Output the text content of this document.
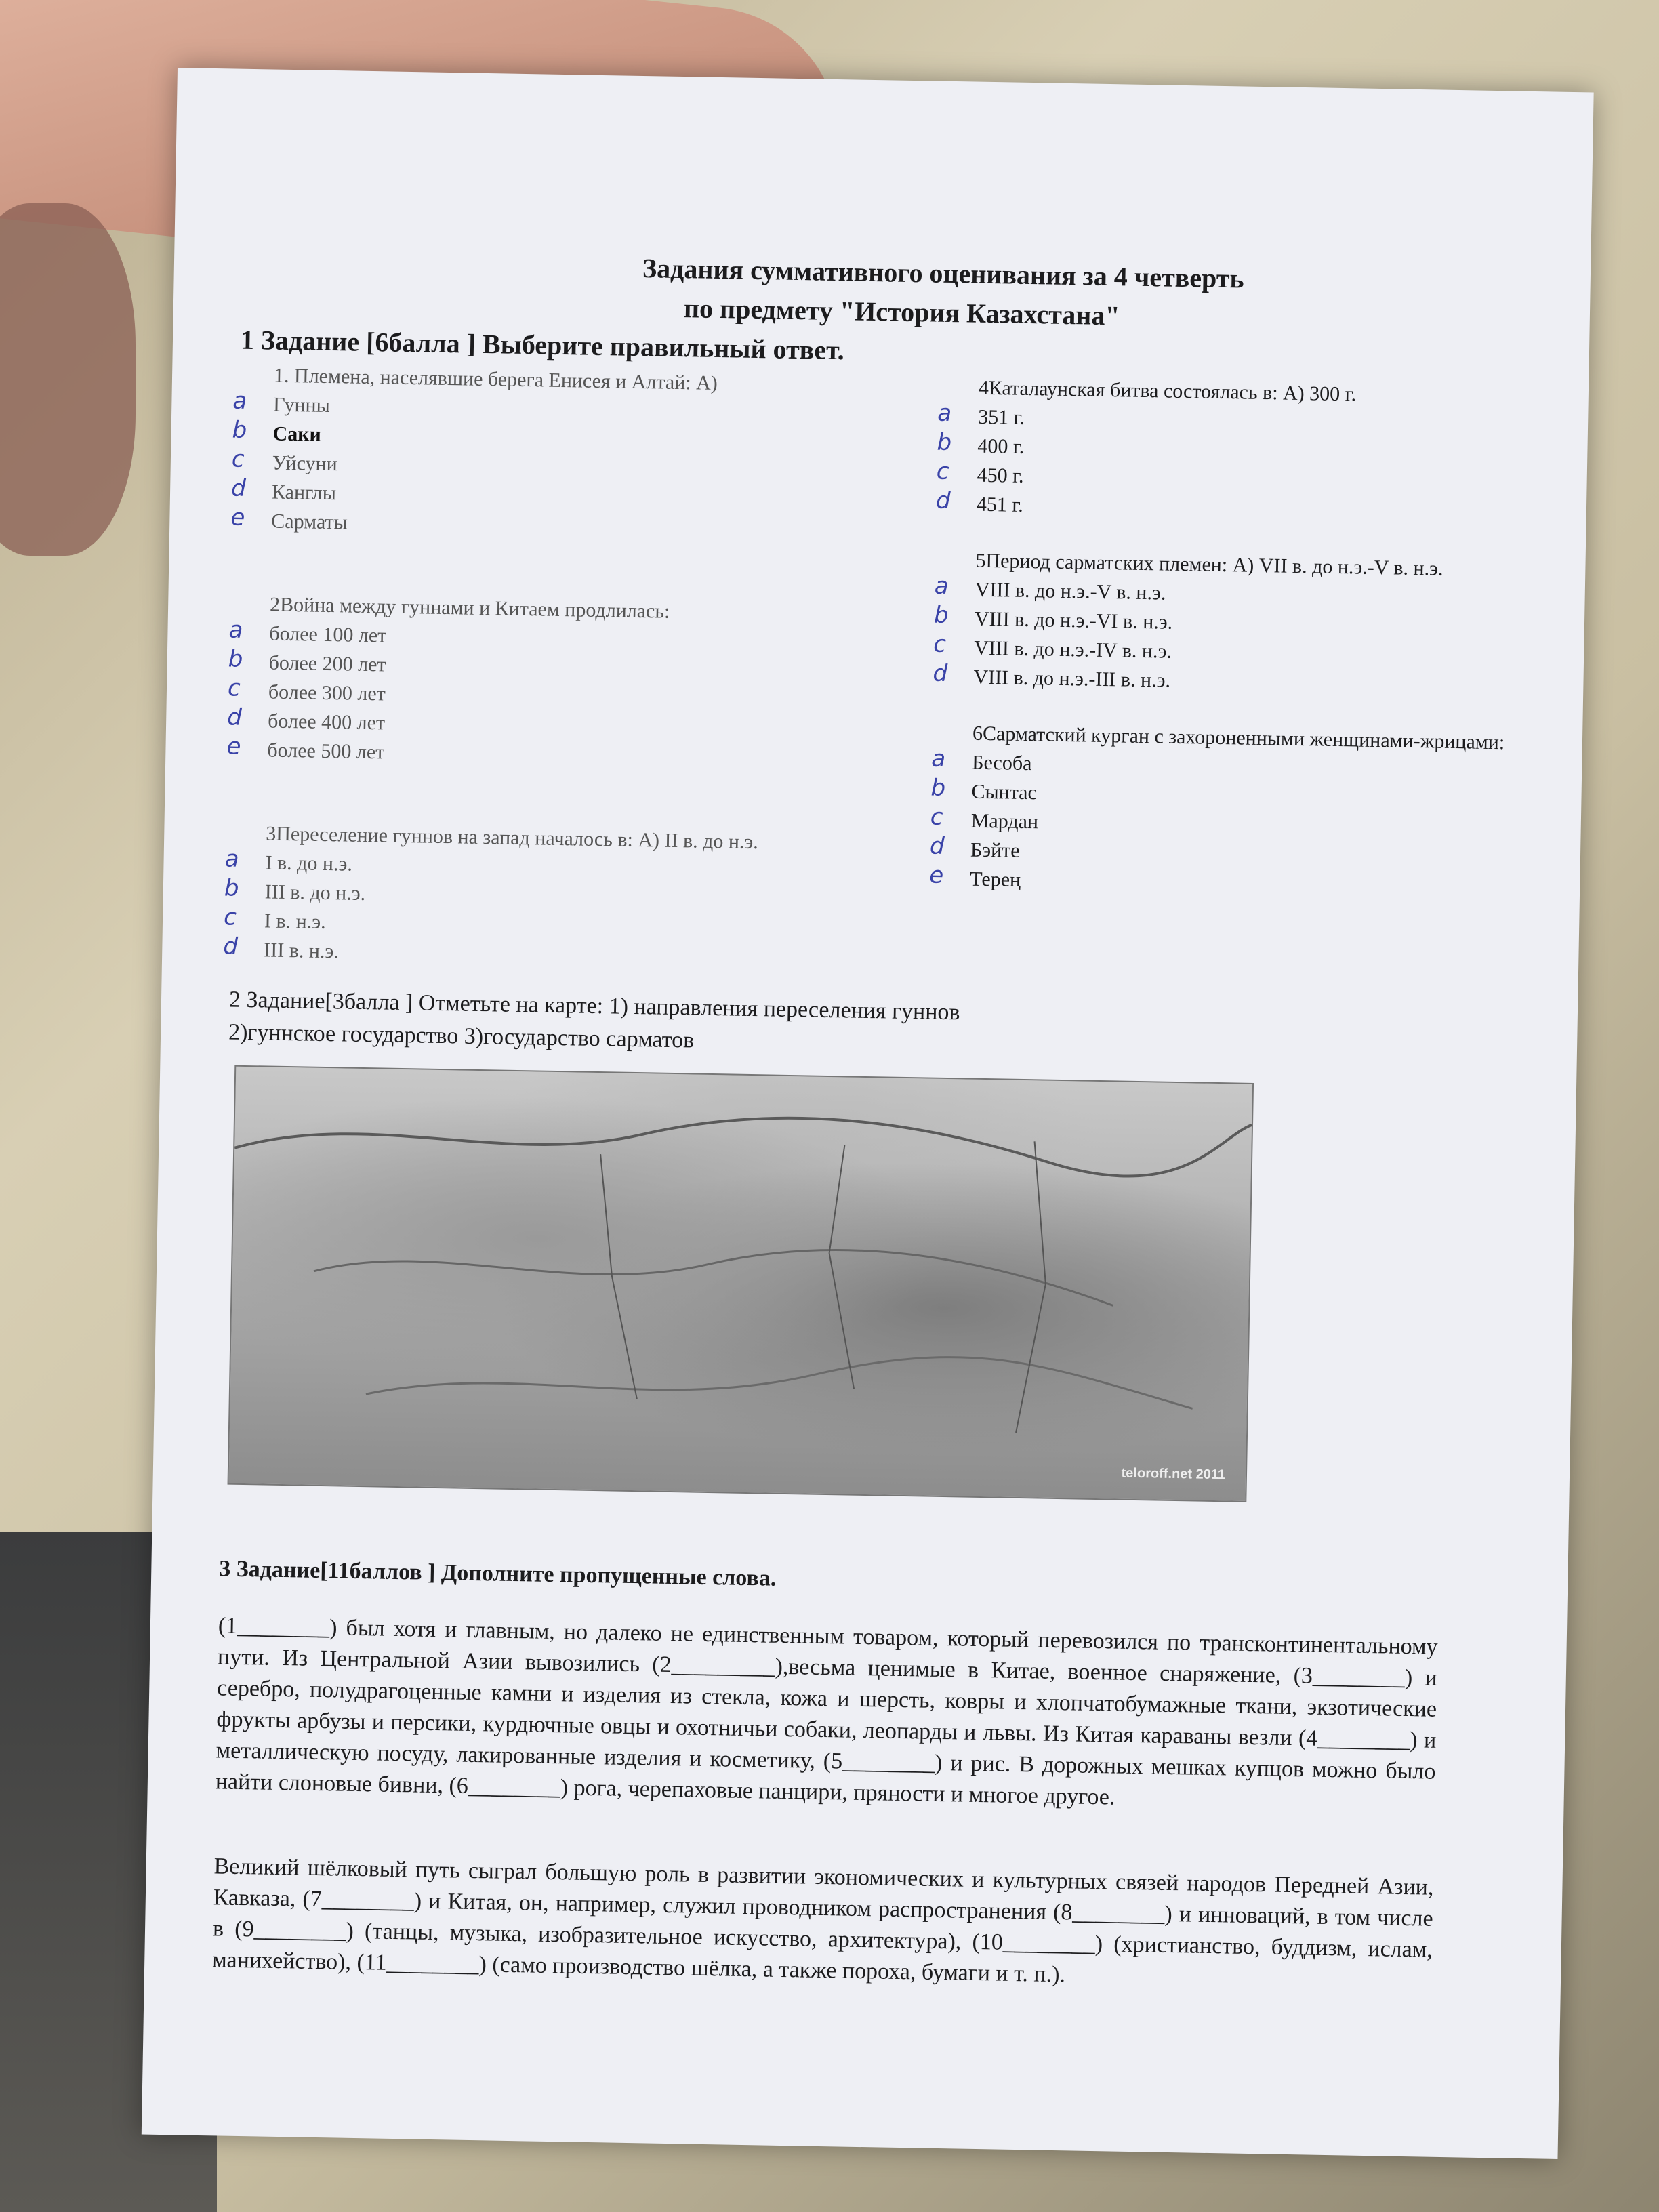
Задания суммативного оценивания за 4 четверть
по предмету "История Казахстана"
1 Задание [6балла ] Выберите правильный ответ.
1. Племена, населявшие берега Енисея и Алтай: А)
a Гунны
b Саки
c Уйсуни
d Канглы
e Сарматы
2Война между гуннами и Китаем продлилась:
a более 100 лет
b более 200 лет
c более 300 лет
d более 400 лет
e более 500 лет
3Переселение гуннов на запад началось в: А) II в. до н.э.
a I в. до н.э.
b III в. до н.э.
c I в. н.э.
d III в. н.э.
4Каталаунская битва состоялась в: А) 300 г.
a 351 г.
b 400 г.
c 450 г.
d 451 г.
5Период сарматских племен: А) VII в. до н.э.-V в. н.э.
a VIII в. до н.э.-V в. н.э.
b VIII в. до н.э.-VI в. н.э.
c VIII в. до н.э.-IV в. н.э.
d VIII в. до н.э.-III в. н.э.
6Сарматский курган с захороненными женщинами-жрицами:
a Бесоба
b Сынтас
c Мардан
d Бэйте
e Терең
2 Задание[3балла ] Отметьте на карте: 1) направления переселения гуннов
2)гуннское государство 3)государство сарматов
teloroff.net 2011
3 Задание[11баллов ] Дополните пропущенные слова.
(1________) был хотя и главным, но далеко не единственным товаром, который перевозился по трансконтинентальному пути. Из Центральной Азии вывозились (2_________),весьма ценимые в Китае, военное снаряжение, (3________) и серебро, полудрагоценные камни и изделия из стекла, кожа и шерсть, ковры и хлопчатобумажные ткани, экзотические фрукты арбузы и персики, курдючные овцы и охотничьи собаки, леопарды и львы. Из Китая караваны везли (4________) и металлическую посуду, лакированные изделия и косметику, (5________) и рис. В дорожных мешках купцов можно было найти слоновые бивни, (6________) рога, черепаховые панцири, пряности и многое другое.
Великий шёлковый путь сыграл большую роль в развитии экономических и культурных связей народов Передней Азии, Кавказа, (7________) и Китая, он, например, служил проводником распространения (8________) и инноваций, в том числе в (9________) (танцы, музыка, изобразительное искусство, архитектура), (10________) (христианство, буддизм, ислам, манихейство), (11________) (само производство шёлка, а также пороха, бумаги и т. п.).
